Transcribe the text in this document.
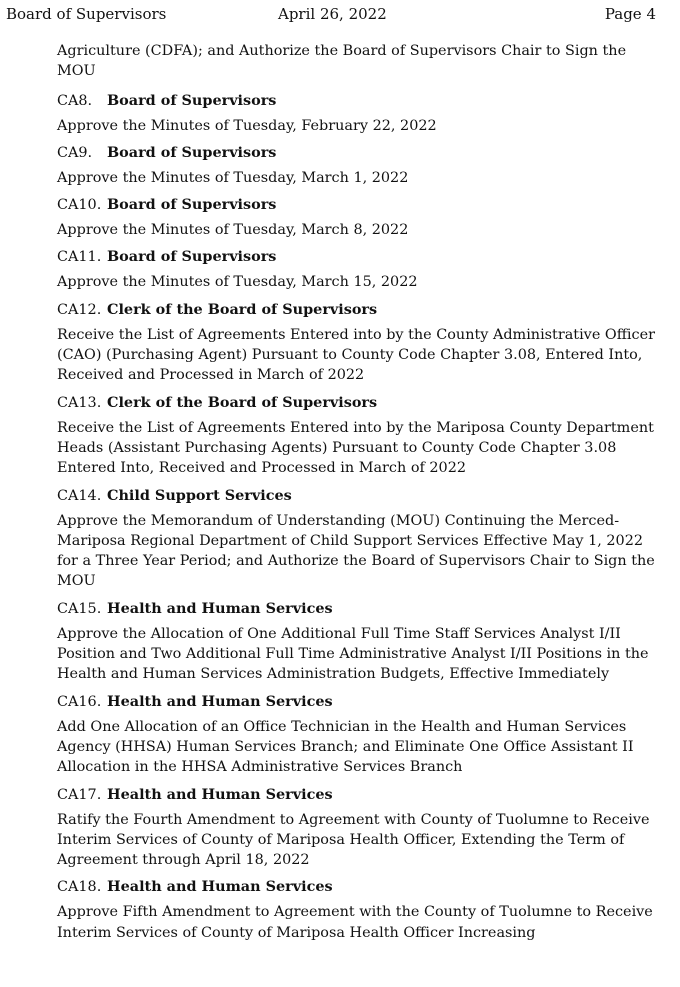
Board of Supervisors	April 26, 2022	Page 4

Agriculture (CDFA); and Authorize the Board of Supervisors Chair to Sign the MOU

CA8. Board of Supervisors

Approve the Minutes of Tuesday, February 22, 2022

CA9. Board of Supervisors

Approve the Minutes of Tuesday, March 1, 2022

CA10. Board of Supervisors

Approve the Minutes of Tuesday, March 8, 2022

CA11. Board of Supervisors

Approve the Minutes of Tuesday, March 15, 2022

CA12. Clerk of the Board of Supervisors

Receive the List of Agreements Entered into by the County Administrative Officer (CAO) (Purchasing Agent) Pursuant to County Code Chapter 3.08, Entered Into, Received and Processed in March of 2022

CA13. Clerk of the Board of Supervisors

Receive the List of Agreements Entered into by the Mariposa County Department Heads (Assistant Purchasing Agents) Pursuant to County Code Chapter 3.08 Entered Into, Received and Processed in March of 2022

CA14. Child Support Services

Approve the Memorandum of Understanding (MOU) Continuing the Merced-Mariposa Regional Department of Child Support Services Effective May 1, 2022 for a Three Year Period; and Authorize the Board of Supervisors Chair to Sign the MOU

CA15. Health and Human Services

Approve the Allocation of One Additional Full Time Staff Services Analyst I/II Position and Two Additional Full Time Administrative Analyst I/II Positions in the Health and Human Services Administration Budgets, Effective Immediately

CA16. Health and Human Services

Add One Allocation of an Office Technician in the Health and Human Services Agency (HHSA) Human Services Branch; and Eliminate One Office Assistant II Allocation in the HHSA Administrative Services Branch

CA17. Health and Human Services

Ratify the Fourth Amendment to Agreement with County of Tuolumne to Receive Interim Services of County of Mariposa Health Officer, Extending the Term of Agreement through April 18, 2022

CA18. Health and Human Services

Approve Fifth Amendment to Agreement with the County of Tuolumne to Receive Interim Services of County of Mariposa Health Officer Increasing
